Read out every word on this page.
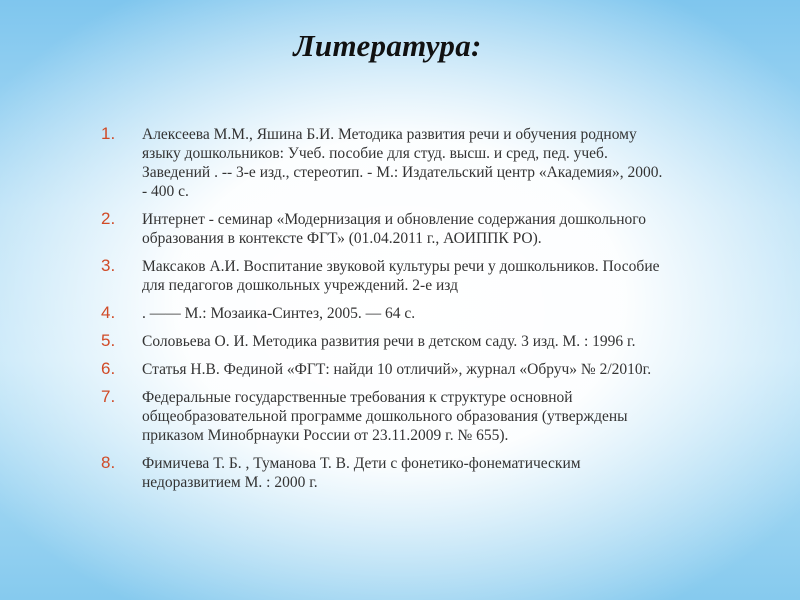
Литература:
1. Алексеева М.М., Яшина Б.И. Методика развития речи и обучения родному языку дошкольников: Учеб. пособие для студ. высш. и сред, пед. учеб. Заведений . -- 3-е изд., стереотип. - М.: Издательский центр «Академия», 2000. - 400 с.
2. Интернет - семинар «Модернизация и обновление содержания дошкольного образования в контексте ФГТ» (01.04.2011 г., АОИППК РО).
3. Максаков А.И. Воспитание звуковой культуры речи у дошкольников. Пособие для педагогов дошкольных учреждений. 2-е изд
4. . —— М.: Мозаика-Синтез, 2005. — 64 с.
5. Соловьева О. И. Методика развития речи в детском саду. 3 изд. М. : 1996 г.
6. Статья Н.В. Фединой «ФГТ: найди 10 отличий», журнал «Обруч» № 2/2010г.
7. Федеральные государственные требования к структуре основной общеобразовательной программе дошкольного образования (утверждены приказом Минобрнауки России от 23.11.2009 г. № 655).
8. Фимичева Т. Б. , Туманова Т. В. Дети с фонетико-фонематическим недоразвитием М. : 2000 г.
